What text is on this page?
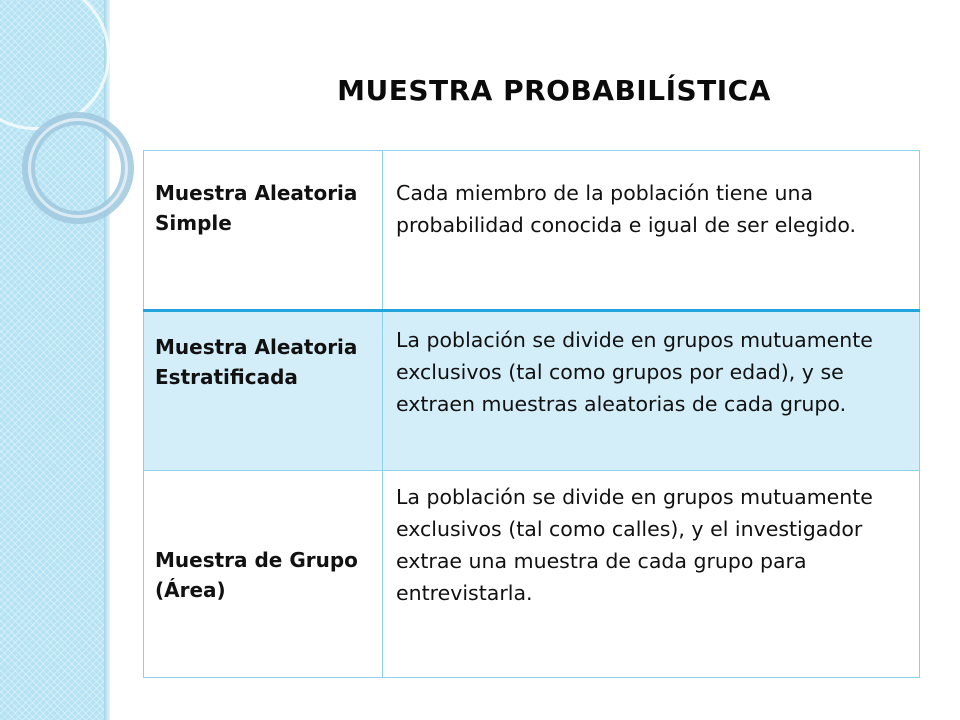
MUESTRA PROBABILÍSTICA
Muestra Aleatoria Simple	Cada miembro de la población tiene una probabilidad conocida e igual de ser elegido.
Muestra Aleatoria Estratificada	La población se divide en grupos mutuamente exclusivos (tal como grupos por edad), y se extraen muestras aleatorias de cada grupo.
Muestra de Grupo (Área)	La población se divide en grupos mutuamente exclusivos (tal como calles), y el investigador extrae una muestra de cada grupo para entrevistarla.
